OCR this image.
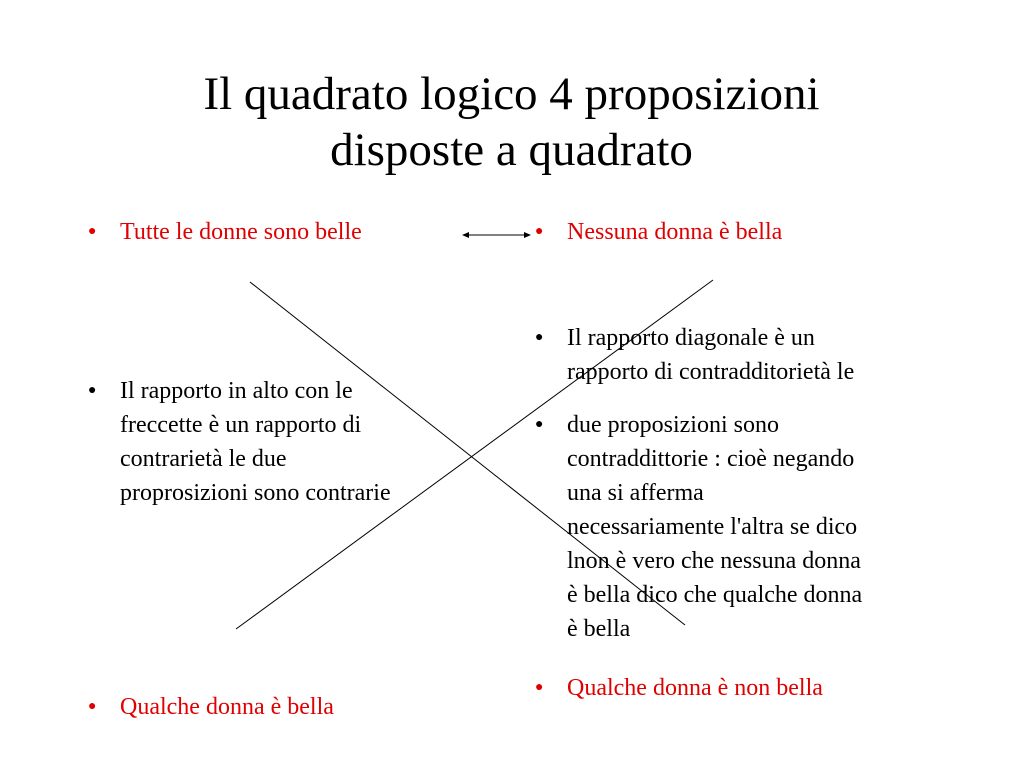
Il quadrato logico 4 proposizioni
disposte a quadrato
● Tutte le donne sono belle
● Il rapporto in alto con le
freccette è un rapporto di
contrarietà le due
proprosizioni sono contrarie
● Qualche donna è bella
● Nessuna donna è bella
● Il rapporto diagonale è un
rapporto di contradditorietà le
● due proposizioni sono
contraddittorie : cioè negando
una si afferma
necessariamente l'altra se dico
lnon è vero che nessuna donna
è bella dico che qualche donna
è bella
● Qualche donna è non bella
